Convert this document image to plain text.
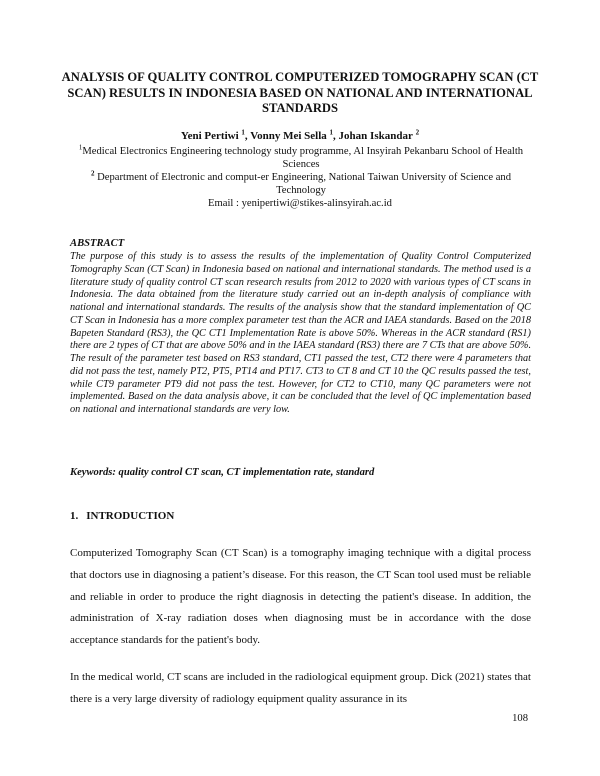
ANALYSIS OF QUALITY CONTROL COMPUTERIZED TOMOGRAPHY SCAN (CT SCAN) RESULTS IN INDONESIA BASED ON NATIONAL AND INTERNATIONAL STANDARDS
Yeni Pertiwi $^1$, Vonny Mei Sella $^1$, Johan Iskandar $^2$
$^1$Medical Electronics Engineering technology study programme, Al Insyirah Pekanbaru School of Health Sciences
$^2$ Department of Electronic and comput-er Engineering, National Taiwan University of Science and Technology
Email : yenipertiwi@stikes-alinsyirah.ac.id
ABSTRACT
The purpose of this study is to assess the results of the implementation of Quality Control Computerized Tomography Scan (CT Scan) in Indonesia based on national and international standards. The method used is a literature study of quality control CT scan research results from 2012 to 2020 with various types of CT scans in Indonesia. The data obtained from the literature study carried out an in-depth analysis of compliance with national and international standards. The results of the analysis show that the standard implementation of QC CT Scan in Indonesia has a more complex parameter test than the ACR and IAEA standards. Based on the 2018 Bapeten Standard (RS3), the QC CT1 Implementation Rate is above 50%. Whereas in the ACR standard (RS1) there are 2 types of CT that are above 50% and in the IAEA standard (RS3) there are 7 CTs that are above 50%. The result of the parameter test based on RS3 standard, CT1 passed the test, CT2 there were 4 parameters that did not pass the test, namely PT2, PT5, PT14 and PT17. CT3 to CT 8 and CT 10 the QC results passed the test, while CT9 parameter PT9 did not pass the test. However, for CT2 to CT10, many QC parameters were not implemented. Based on the data analysis above, it can be concluded that the level of QC implementation based on national and international standards are very low.
Keywords: quality control CT scan, CT implementation rate, standard
1. INTRODUCTION
Computerized Tomography Scan (CT Scan) is a tomography imaging technique with a digital process that doctors use in diagnosing a patient’s disease. For this reason, the CT Scan tool used must be reliable and reliable in order to produce the right diagnosis in detecting the patient's disease. In addition, the administration of X-ray radiation doses when diagnosing must be in accordance with the dose acceptance standards for the patient's body.
In the medical world, CT scans are included in the radiological equipment group. Dick (2021) states that there is a very large diversity of radiology equipment quality assurance in its
108
